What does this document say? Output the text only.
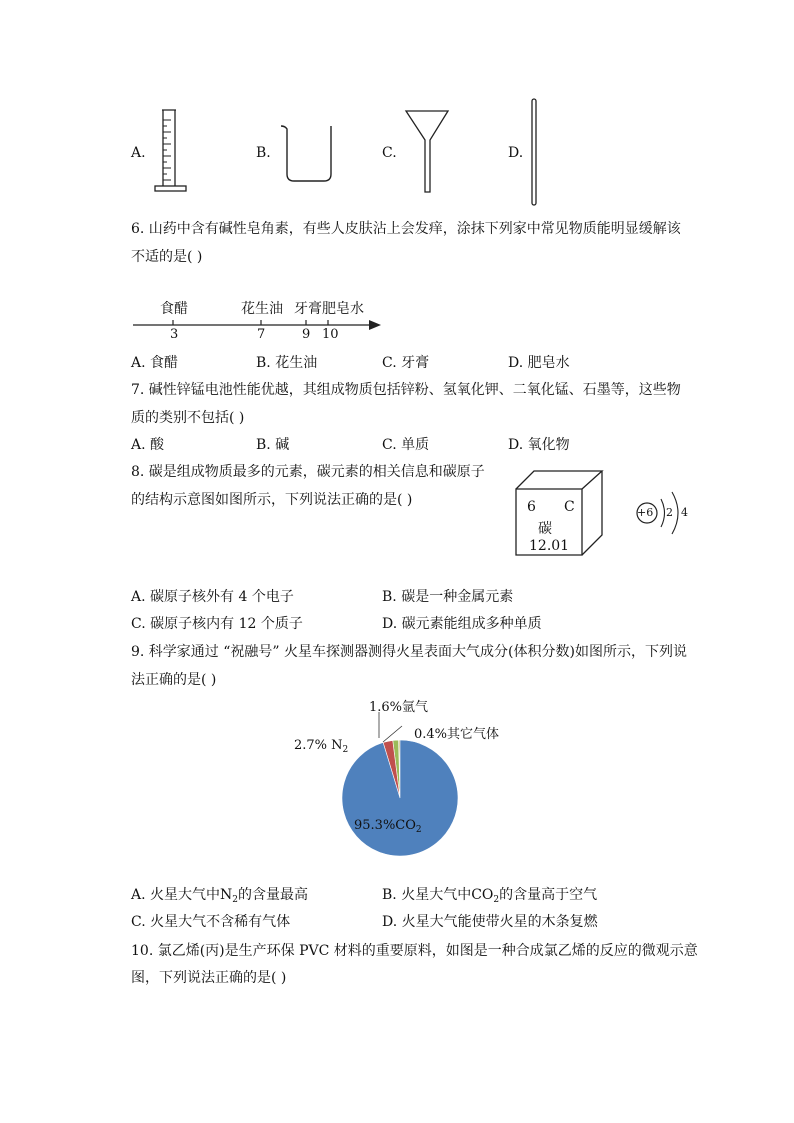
A.	B.	C.	D.
6. 山药中含有碱性皂角素，有些人皮肤沾上会发痒，涂抹下列家中常见物质能明显缓解该
不适的是( )
食醋	花生油 牙膏 肥皂水
3	7	9 10
A. 食醋	B. 花生油	C. 牙膏	D. 肥皂水
7. 碱性锌锰电池性能优越，其组成物质包括锌粉、氢氧化钾、二氧化锰、石墨等，这些物
质的类别不包括( )
A. 酸	B. 碱	C. 单质	D. 氧化物
8. 碳是组成物质最多的元素，碳元素的相关信息和碳原子
的结构示意图如图所示，下列说法正确的是( )	6 C
碳
12.01
+6 2 4
A. 碳原子核外有 4 个电子	B. 碳是一种金属元素
C. 碳原子核内有 12 个质子	D. 碳元素能组成多种单质
9. 科学家通过 “祝融号” 火星车探测器测得火星表面大气成分(体积分数)如图所示，下列说
法正确的是( )
1.6%氩气
0.4%其它气体
2.7% $N_2$
$95.3\%CO_2$
A. 火星大气中$N_2$的含量最高	B. 火星大气中$CO_2$的含量高于空气
C. 火星大气不含稀有气体	D. 火星大气能使带火星的木条复燃
10. 氯乙烯(丙)是生产环保 PVC 材料的重要原料，如图是一种合成氯乙烯的反应的微观示意
图，下列说法正确的是( )
